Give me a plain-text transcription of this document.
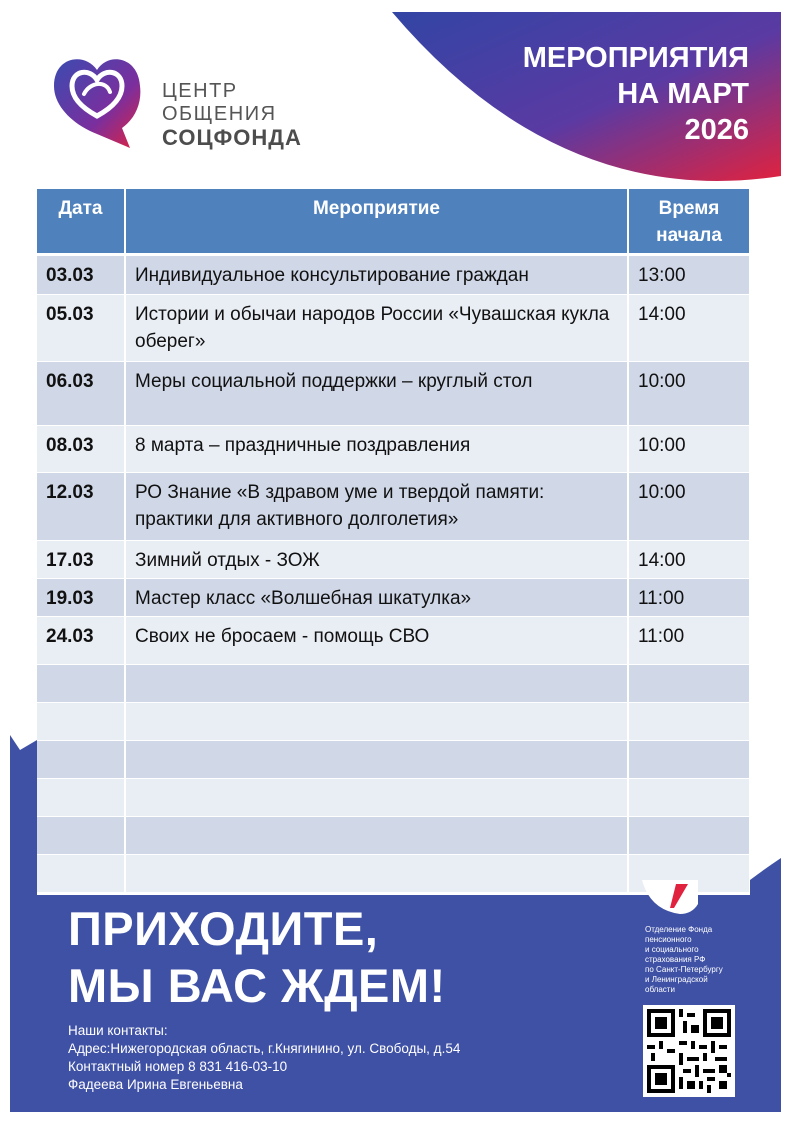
ЦЕНТР
ОБЩЕНИЯ
СОЦФОНДА
МЕРОПРИЯТИЯ
НА МАРТ
2026
Дата	Мероприятие	Время
начала

03.03	Индивидуальное консультирование граждан	13:00
05.03	Истории и обычаи народов России «Чувашская кукла оберег»	14:00
06.03	Меры социальной поддержки – круглый стол	10:00
08.03	8 марта – праздничные поздравления	10:00
12.03	РО Знание «В здравом уме и твердой памяти: практики для активного долголетия»	10:00
17.03	Зимний отдых - ЗОЖ	14:00
19.03	Мастер класс «Волшебная шкатулка»	11:00
24.03	Своих не бросаем - помощь СВО	11:00

ПРИХОДИТЕ,
МЫ ВАС ЖДЕМ!
Наши контакты:
Адрес:Нижегородская область, г.Княгинино, ул. Свободы, д.54
Контактный номер 8 831 416-03-10
Фадеева Ирина Евгеньевна
Отделение Фонда
пенсионного
и социального
страхования РФ
по Санкт-Петербургу
и Ленинградской
области
